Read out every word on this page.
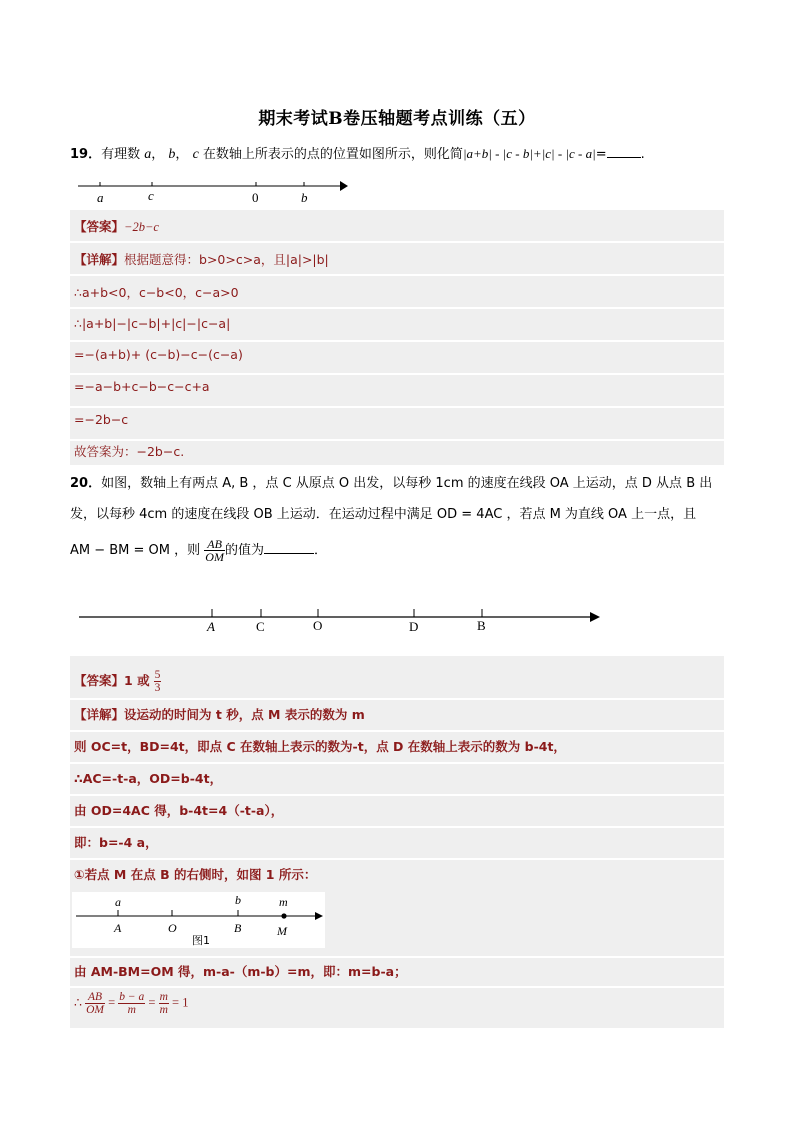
期末考试B卷压轴题考点训练（五）
19．有理数 a， b， c 在数轴上所表示的点的位置如图所示，则化简|a+b| - |c - b|+|c| - |c - a|=	.
a	c	0	b
【答案】−2b−c
【详解】根据题意得：b>0>c>a，且|a|>|b|
∴a+b<0，c−b<0，c−a>0
∴|a+b|−|c−b|+|c|−|c−a|
=−(a+b)+ (c−b)−c−(c−a)
=−a−b+c−b−c−c+a
=−2b−c
故答案为：−2b−c.
20．如图，数轴上有两点 A, B ，点 C 从原点 O 出发，以每秒 1cm 的速度在线段 OA 上运动，点 D 从点 B 出
发，以每秒 4cm 的速度在线段 OB 上运动．在运动过程中满足 OD = 4AC ，若点 M 为直线 OA 上一点，且
AM − BM = OM ，则 $\frac{AB}{OM}$ 的值为	．
A	C	O	D	B
【答案】1 或 $\frac{5}{3}$
【详解】设运动的时间为 t 秒，点 M 表示的数为 m
则 OC=t，BD=4t，即点 C 在数轴上表示的数为-t，点 D 在数轴上表示的数为 b-4t，
∴AC=-t-a，OD=b-4t，
由 OD=4AC 得，b-4t=4（-t-a），
即：b=-4 a，
①若点 M 在点 B 的右侧时，如图 1 所示：
a	b	m
A	O	B	M
图1
由 AM-BM=OM 得，m-a-（m-b）=m，即：m=b-a；
∴ $\frac{AB}{OM} = \frac{b - a}{m} = \frac{m}{m} = 1$
